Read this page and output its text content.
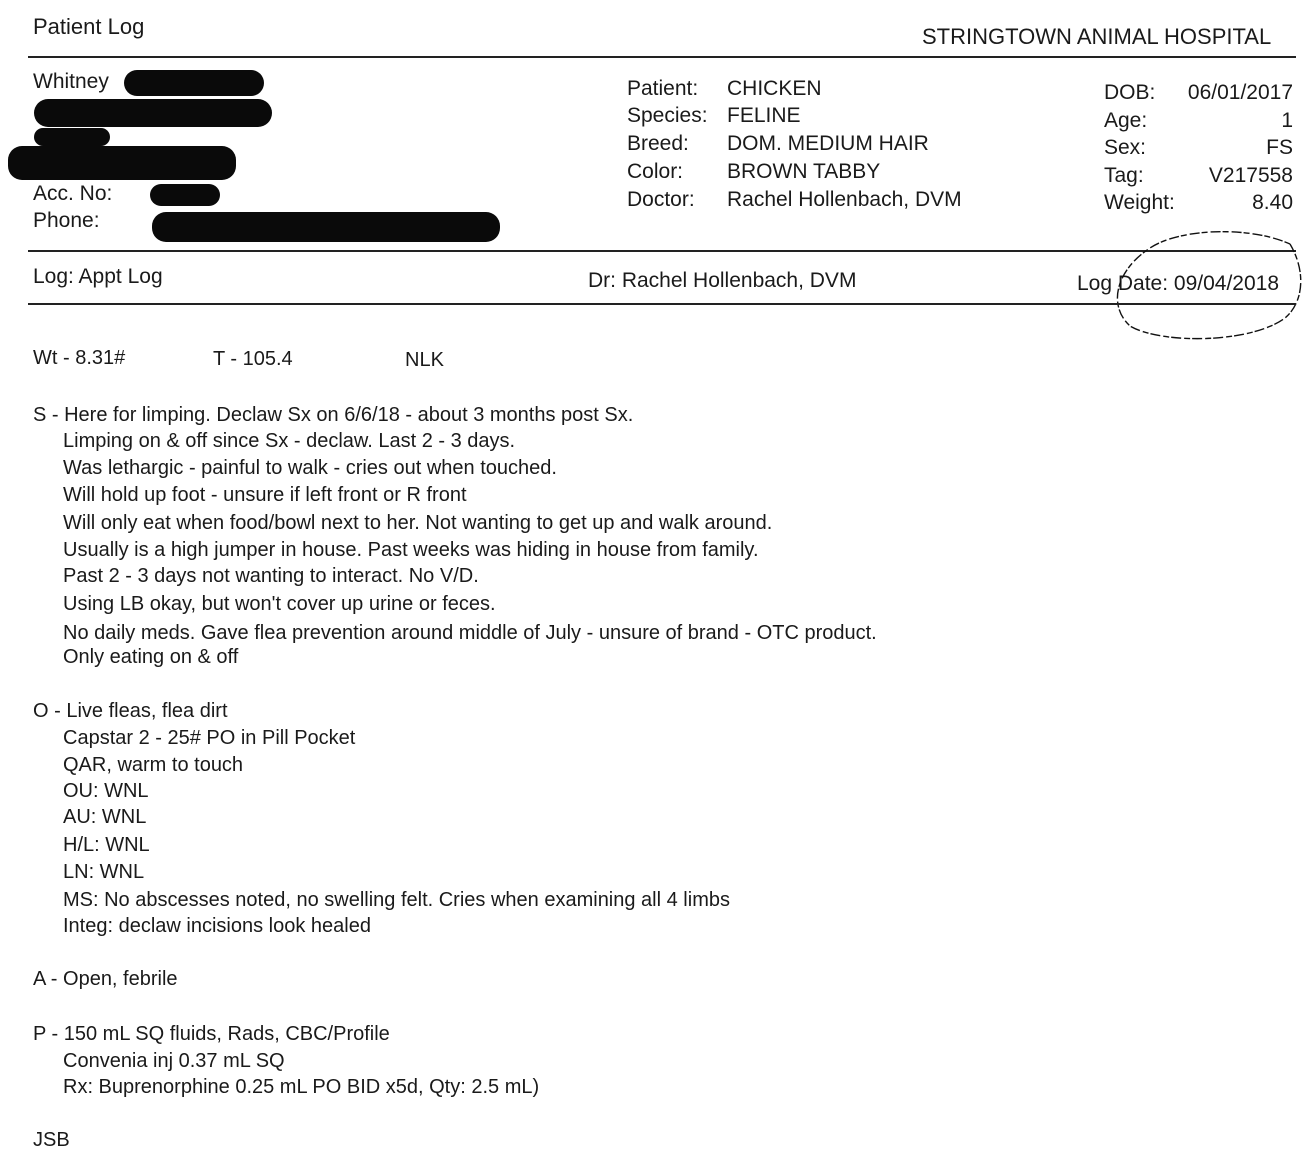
Patient Log	STRINGTOWN ANIMAL HOSPITAL
Whitney
Acc. No:
Phone:
Patient: CHICKEN
Species: FELINE
Breed: DOM. MEDIUM HAIR
Color: BROWN TABBY
Doctor: Rachel Hollenbach, DVM
DOB:	06/01/2017
Age:	1
Sex:	FS
Tag:	V217558
Weight:	8.40
Log: Appt Log	Dr: Rachel Hollenbach, DVM	Log Date: 09/04/2018
Wt - 8.31#	T - 105.4	NLK
S - Here for limping. Declaw Sx on 6/6/18 - about 3 months post Sx.
Limping on & off since Sx - declaw. Last 2 - 3 days.
Was lethargic - painful to walk - cries out when touched.
Will hold up foot - unsure if left front or R front
Will only eat when food/bowl next to her. Not wanting to get up and walk around.
Usually is a high jumper in house. Past weeks was hiding in house from family.
Past 2 - 3 days not wanting to interact. No V/D.
Using LB okay, but won't cover up urine or feces.
No daily meds. Gave flea prevention around middle of July - unsure of brand - OTC product.
Only eating on & off
O - Live fleas, flea dirt
Capstar 2 - 25# PO in Pill Pocket
QAR, warm to touch
OU: WNL
AU: WNL
H/L: WNL
LN: WNL
MS: No abscesses noted, no swelling felt. Cries when examining all 4 limbs
Integ: declaw incisions look healed
A - Open, febrile
P - 150 mL SQ fluids, Rads, CBC/Profile
Convenia inj 0.37 mL SQ
Rx: Buprenorphine 0.25 mL PO BID x5d, Qty: 2.5 mL)
JSB
